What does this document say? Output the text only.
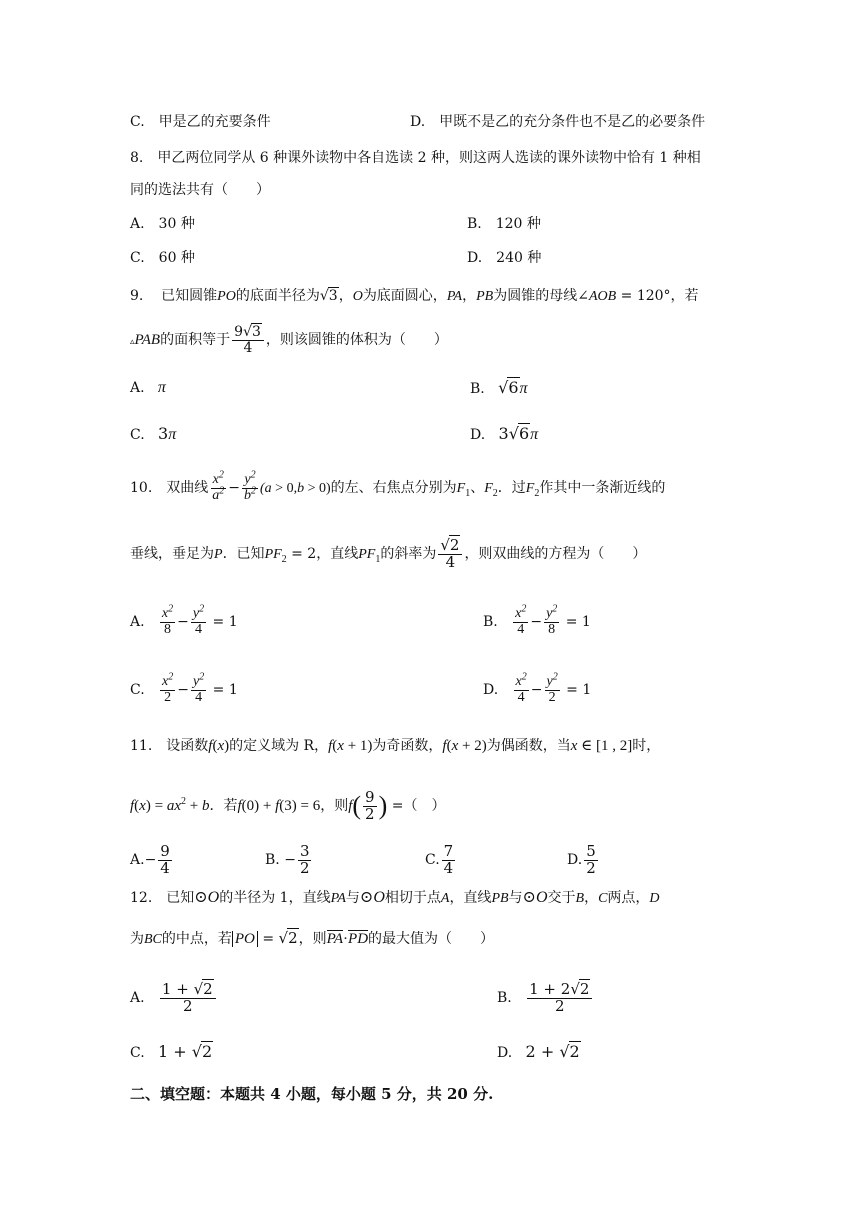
C.　甲是乙的充要条件	D.　甲既不是乙的充分条件也不是乙的必要条件
8.　甲乙两位同学从 6 种课外读物中各自选读 2 种，则这两人选读的课外读物中恰有 1 种相
同的选法共有（　　）
A.　30 种	B.　120 种
C.　60 种	D.　240 种
9. 已知圆锥PO的底面半径为√3，O为底面圆心，PA，PB为圆锥的母线∠AOB = 120°，若
▵PAB的面积等于 $\frac{9√3}{4}$ ，则该圆锥的体积为（　　）
A. π	B. √6π
C. 3π	D. 3√6π
10.　双曲线 $\frac{x^2}{a^2} - \frac{y^2}{b^2} (a > 0,b > 0)$的左、右焦点分别为$F_1$、$F_2$．过$F_2$作其中一条渐近线的
垂线，垂足为P．已知$PF_2 = 2$，直线$PF_1$的斜率为 $\frac{√2}{4}$ ，则双曲线的方程为（　　）
A. $\frac{x^2}{8} - \frac{y^2}{4} = 1$	B. $\frac{x^2}{4} - \frac{y^2}{8} = 1$
C. $\frac{x^2}{2} - \frac{y^2}{4} = 1$	D. $\frac{x^2}{4} - \frac{y^2}{2} = 1$
11.　设函数f(x)的定义域为 R，f(x + 1)为奇函数，f(x + 2)为偶函数，当x ∈ [1 , 2]时，
$f(x) = ax^2 + b$．若f(0) + f(3) = 6，则$f( \frac{9}{2}$ ) =（　）
$A.- \frac{9}{4}$	B. − $\frac{3}{2}$	C. $\frac{7}{4}$	D. $\frac{5}{2}$
12.　已知⊙O的半径为 1，直线PA与⊙O相切于点A，直线PB与⊙O交于B，C两点，D
为BC的中点，若 PO = √2，则PA·PD的最大值为（　　）
A. $\frac{1 + √2}{2}$	B. $\frac{1 + 2√2}{2}$
C. 1 + √2	D. 2 + √2
二、填空题：本题共 4 小题，每小题 5 分，共 20 分.
